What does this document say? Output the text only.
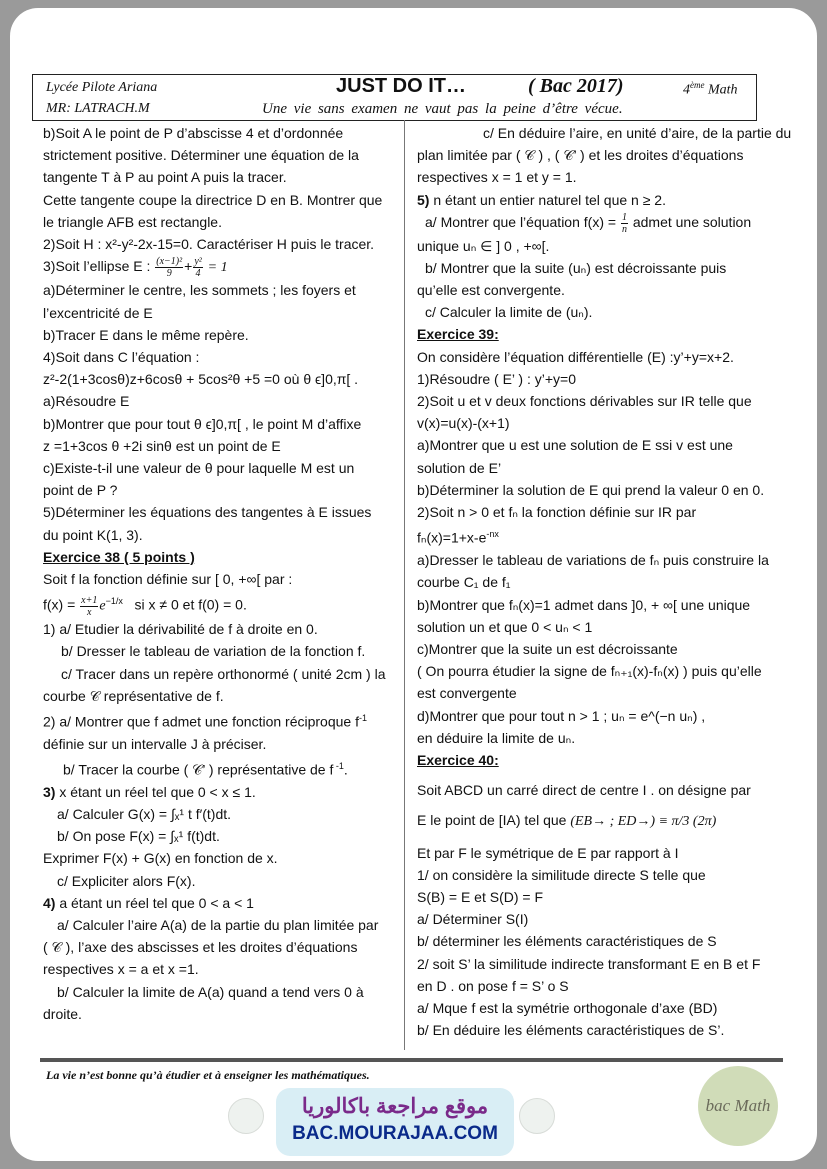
Lycée Pilote Ariana
MR: LATRACH.M
JUST DO IT…	( Bac 2017)	4ème Math
Une vie sans examen ne vaut pas la peine d’être vécue.
b)Soit A le point de P d’abscisse 4 et d’ordonnée
strictement positive. Déterminer une équation de la
tangente T à P au point A puis la tracer.
Cette tangente coupe la directrice D en B. Montrer que
le triangle AFB est rectangle.
2)Soit H : x²-y²-2x-15=0. Caractériser H puis le tracer.
3)Soit l’ellipse E : $\frac{\text{(x−1)²}}{9} + \frac{\text{y²}}{4} = 1$
a)Déterminer le centre, les sommets ; les foyers et
l’excentricité de E
b)Tracer E dans le même repère.
4)Soit dans C l’équation :
z²-2(1+3cosθ)z+6cosθ + 5cos²θ +5 =0 où θ ϵ]0,π[ .
a)Résoudre E
b)Montrer que pour tout θ ϵ]0,π[ , le point M d’affixe
z =1+3cos θ +2i sinθ est un point de E
c)Existe-t-il une valeur de θ pour laquelle M est un
point de P ?
5)Déterminer les équations des tangentes à E issues
du point K(1, 3).
Exercice 38 ( 5 points )
Soit f la fonction définie sur [ 0, +∞[ par :
$f(x) = \frac{x+1}{x} e^{-1/x}$ si x ≠ 0 et f(0) = 0.
1) a/ Etudier la dérivabilité de f à droite en 0.
b/ Dresser le tableau de variation de la fonction f.
c/ Tracer dans un repère orthonormé ( unité 2cm ) la
courbe 𝒞 représentative de f.
2) a/ Montrer que f admet une fonction réciproque $f^{-1}$
définie sur un intervalle J à préciser.
b/ Tracer la courbe ( 𝒞’ ) représentative de f $^{-1}$.
3) x étant un réel tel que 0 < x ≤ 1.
a/ Calculer G(x) = ∫ₓ¹ t f′(t)dt.
b/ On pose F(x) = ∫ₓ¹ f(t)dt.
Exprimer F(x) + G(x) en fonction de x.
c/ Expliciter alors F(x).
4) a étant un réel tel que 0 < a < 1
a/ Calculer l’aire A(a) de la partie du plan limitée par
( 𝒞 ), l’axe des abscisses et les droites d’équations
respectives x = a et x =1.
b/ Calculer la limite de A(a) quand a tend vers 0 à
droite.
c/ En déduire l’aire, en unité d’aire, de la partie du
plan limitée par ( 𝒞 ) , ( 𝒞’ ) et les droites d’équations
respectives x = 1 et y = 1.
5) n étant un entier naturel tel que n ≥ 2.
a/ Montrer que l’équation $f(x) = \frac{1}{n}$ admet une solution
unique uₙ ∈ ] 0 , +∞[.
b/ Montrer que la suite (uₙ) est décroissante puis
qu’elle est convergente.
c/ Calculer la limite de (uₙ).
Exercice 39:
On considère l’équation différentielle (E) :y’+y=x+2.
1)Résoudre ( E’ ) : y’+y=0
2)Soit u et v deux fonctions dérivables sur IR telle que
v(x)=u(x)-(x+1)
a)Montrer que u est une solution de E ssi v est une
solution de E’
b)Déterminer la solution de E qui prend la valeur 0 en 0.
2)Soit n > 0 et fₙ la fonction définie sur IR par
$f_n(x)=1+x-e^{-nx}$
a)Dresser le tableau de variations de fₙ puis construire la
courbe C₁ de f₁
b)Montrer que fₙ(x)=1 admet dans ]0, + ∞[ une unique
solution un et que 0 < uₙ < 1
c)Montrer que la suite un est décroissante
( On pourra étudier la signe de fₙ₊₁(x)-fₙ(x) ) puis qu’elle
est convergente
d)Montrer que pour tout n > 1 ; uₙ = e^(−n uₙ) ,
en déduire la limite de uₙ.
Exercice 40:
Soit ABCD un carré direct de centre I . on désigne par
E le point de [IA) tel que (EB→ ; ED→) ≡ π/3 (2π)
Et par F le symétrique de E par rapport à I
1/ on considère la similitude directe S telle que
S(B) = E et S(D) = F
a/ Déterminer S(I)
b/ déterminer les éléments caractéristiques de S
2/ soit S’ la similitude indirecte transformant E en B et F
en D . on pose f = S’ o S
a/ Mque f est la symétrie orthogonale d’axe (BD)
b/ En déduire les éléments caractéristiques de S’.
La vie n’est bonne qu’à étudier et à enseigner les mathématiques.
موقع مراجعة باكالوريا
BAC.MOURAJAA.COM
bac Math
